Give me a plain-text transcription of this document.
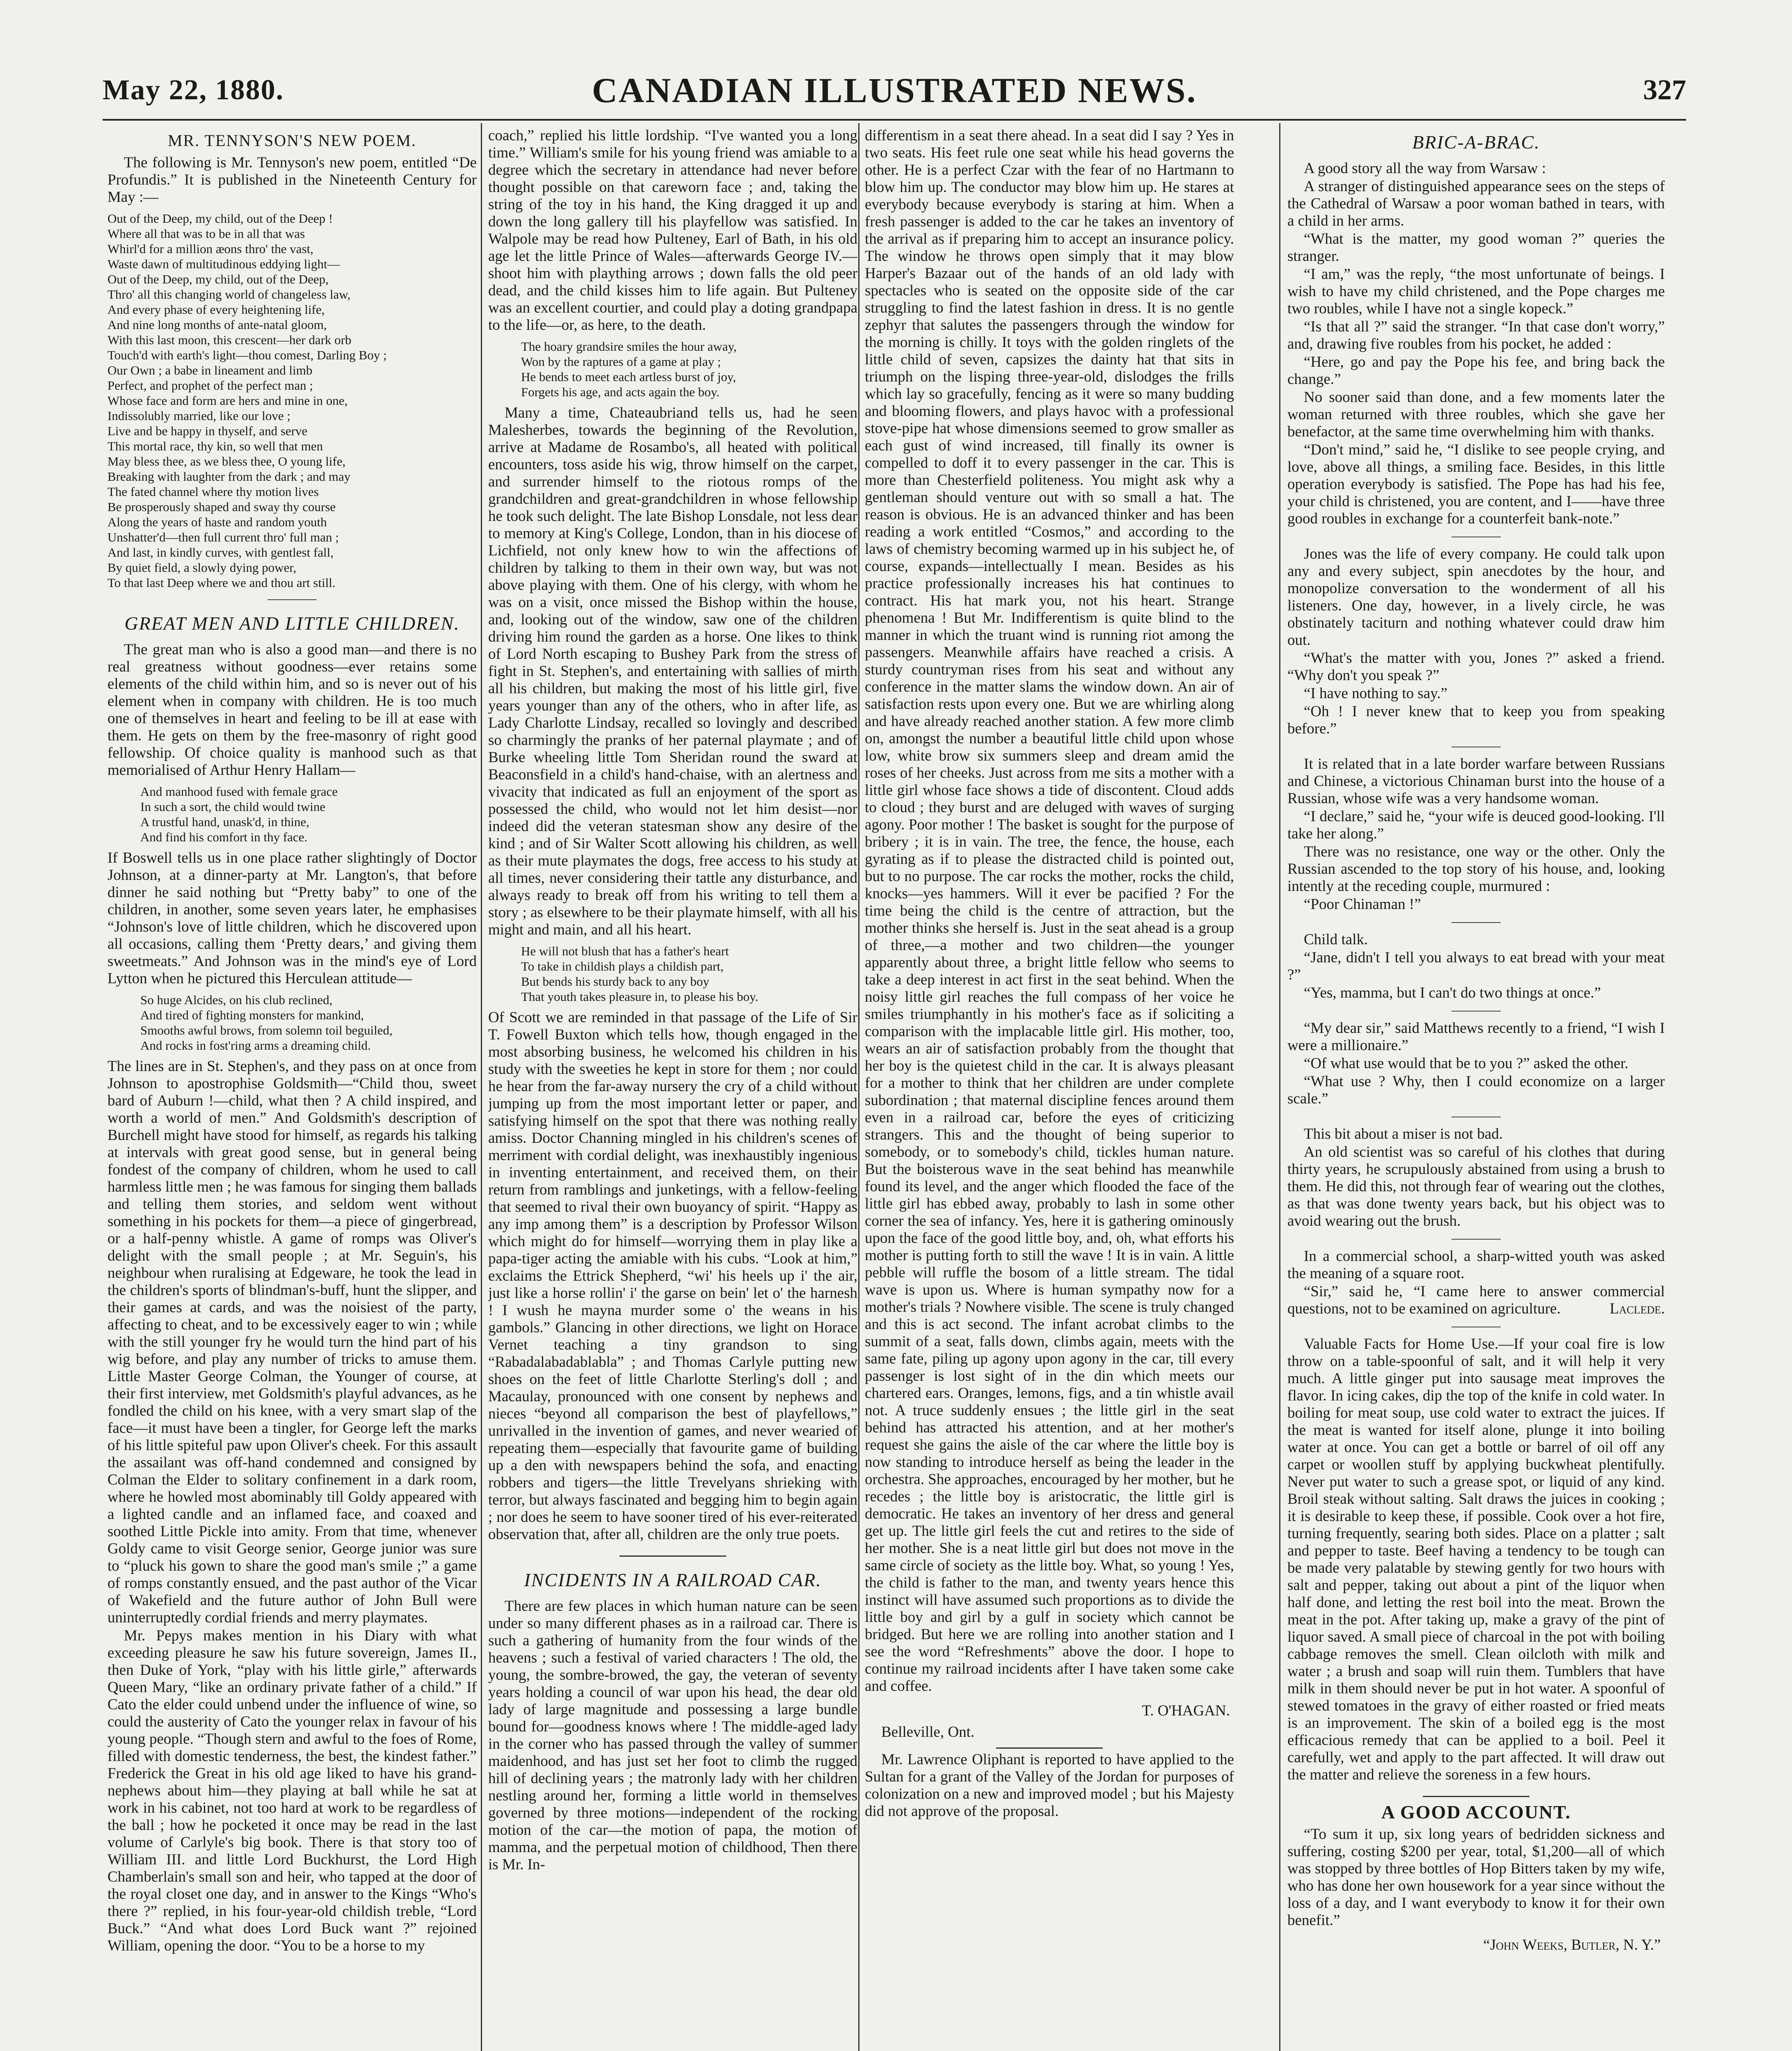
May 22, 1880.	CANADIAN ILLUSTRATED NEWS.	327
MR. TENNYSON'S NEW POEM.

The following is Mr. Tennyson's new poem, entitled “De Profundis.” It is published in the Nineteenth Century for May :—

Out of the Deep, my child, out of the Deep !
Where all that was to be in all that was
Whirl'd for a million æons thro' the vast,
Waste dawn of multitudinous eddying light—
Out of the Deep, my child, out of the Deep,
Thro' all this changing world of changeless law,
And every phase of every heightening life,
And nine long months of ante-natal gloom,
With this last moon, this crescent—her dark orb
Touch'd with earth's light—thou comest, Darling Boy ;
Our Own ; a babe in lineament and limb
Perfect, and prophet of the perfect man ;
Whose face and form are hers and mine in one,
Indissolubly married, like our love ;
Live and be happy in thyself, and serve
This mortal race, thy kin, so well that men
May bless thee, as we bless thee, O young life,
Breaking with laughter from the dark ; and may
The fated channel where thy motion lives
Be prosperously shaped and sway thy course
Along the years of haste and random youth
Unshatter'd—then full current thro' full man ;
And last, in kindly curves, with gentlest fall,
By quiet field, a slowly dying power,
To that last Deep where we and thou art still.
GREAT MEN AND LITTLE CHILDREN.

The great man who is also a good man—and there is no real greatness without goodness—ever retains some elements of the child within him, and so is never out of his element when in company with children. He is too much one of themselves in heart and feeling to be ill at ease with them. He gets on them by the free-masonry of right good fellowship. Of choice quality is manhood such as that memorialised of Arthur Henry Hallam—

And manhood fused with female grace
In such a sort, the child would twine
A trustful hand, unask'd, in thine,
And find his comfort in thy face.

If Boswell tells us in one place rather slightingly of Doctor Johnson, at a dinner-party at Mr. Langton's, that before dinner he said nothing but “Pretty baby” to one of the children, in another, some seven years later, he emphasises “Johnson's love of little children, which he discovered upon all occasions, calling them ‘Pretty dears,’ and giving them sweetmeats.” And Johnson was in the mind's eye of Lord Lytton when he pictured this Herculean attitude—

So huge Alcides, on his club reclined,
And tired of fighting monsters for mankind,
Smooths awful brows, from solemn toil beguiled,
And rocks in fost'ring arms a dreaming child.

The lines are in St. Stephen's, and they pass on at once from Johnson to apostrophise Goldsmith—“Child thou, sweet bard of Auburn !—child, what then ? A child inspired, and worth a world of men.” And Goldsmith's description of Burchell might have stood for himself, as regards his talking at intervals with great good sense, but in general being fondest of the company of children, whom he used to call harmless little men ; he was famous for singing them ballads and telling them stories, and seldom went without something in his pockets for them—a piece of gingerbread, or a half-penny whistle. A game of romps was Oliver's delight with the small people ; at Mr. Seguin's, his neighbour when ruralising at Edgeware, he took the lead in the children's sports of blindman's-buff, hunt the slipper, and their games at cards, and was the noisiest of the party, affecting to cheat, and to be excessively eager to win ; while with the still younger fry he would turn the hind part of his wig before, and play any number of tricks to amuse them. Little Master George Colman, the Younger of course, at their first interview, met Goldsmith's playful advances, as he fondled the child on his knee, with a very smart slap of the face—it must have been a tingler, for George left the marks of his little spiteful paw upon Oliver's cheek. For this assault the assailant was off-hand condemned and consigned by Colman the Elder to solitary confinement in a dark room, where he howled most abominably till Goldy appeared with a lighted candle and an inflamed face, and coaxed and soothed Little Pickle into amity. From that time, whenever Goldy came to visit George senior, George junior was sure to “pluck his gown to share the good man's smile ;” a game of romps constantly ensued, and the past author of the Vicar of Wakefield and the future author of John Bull were uninterruptedly cordial friends and merry playmates.

Mr. Pepys makes mention in his Diary with what exceeding pleasure he saw his future sovereign, James II., then Duke of York, “play with his little girle,” afterwards Queen Mary, “like an ordinary private father of a child.” If Cato the elder could unbend under the influence of wine, so could the austerity of Cato the younger relax in favour of his young people. “Though stern and awful to the foes of Rome, filled with domestic tenderness, the best, the kindest father.” Frederick the Great in his old age liked to have his grand-nephews about him—they playing at ball while he sat at work in his cabinet, not too hard at work to be regardless of the ball ; how he pocketed it once may be read in the last volume of Carlyle's big book. There is that story too of William III. and little Lord Buckhurst, the Lord High Chamberlain's small son and heir, who tapped at the door of the royal closet one day, and in answer to the Kings “Who's there ?” replied, in his four-year-old childish treble, “Lord Buck.” “And what does Lord Buck want ?” rejoined William, opening the door. “You to be a horse to my

coach,” replied his little lordship. “I've wanted you a long time.” William's smile for his young friend was amiable to a degree which the secretary in attendance had never before thought possible on that careworn face ; and, taking the string of the toy in his hand, the King dragged it up and down the long gallery till his playfellow was satisfied. In Walpole may be read how Pulteney, Earl of Bath, in his old age let the little Prince of Wales—afterwards George IV.—shoot him with plaything arrows ; down falls the old peer dead, and the child kisses him to life again. But Pulteney was an excellent courtier, and could play a doting grandpapa to the life—or, as here, to the death.

The hoary grandsire smiles the hour away,
Won by the raptures of a game at play ;
He bends to meet each artless burst of joy,
Forgets his age, and acts again the boy.

Many a time, Chateaubriand tells us, had he seen Malesherbes, towards the beginning of the Revolution, arrive at Madame de Rosambo's, all heated with political encounters, toss aside his wig, throw himself on the carpet, and surrender himself to the riotous romps of the grandchildren and great-grandchildren in whose fellowship he took such delight. The late Bishop Lonsdale, not less dear to memory at King's College, London, than in his diocese of Lichfield, not only knew how to win the affections of children by talking to them in their own way, but was not above playing with them. One of his clergy, with whom he was on a visit, once missed the Bishop within the house, and, looking out of the window, saw one of the children driving him round the garden as a horse. One likes to think of Lord North escaping to Bushey Park from the stress of fight in St. Stephen's, and entertaining with sallies of mirth all his children, but making the most of his little girl, five years younger than any of the others, who in after life, as Lady Charlotte Lindsay, recalled so lovingly and described so charmingly the pranks of her paternal playmate ; and of Burke wheeling little Tom Sheridan round the sward at Beaconsfield in a child's hand-chaise, with an alertness and vivacity that indicated as full an enjoyment of the sport as possessed the child, who would not let him desist—nor indeed did the veteran statesman show any desire of the kind ; and of Sir Walter Scott allowing his children, as well as their mute playmates the dogs, free access to his study at all times, never considering their tattle any disturbance, and always ready to break off from his writing to tell them a story ; as elsewhere to be their playmate himself, with all his might and main, and all his heart.

He will not blush that has a father's heart
To take in childish plays a childish part,
But bends his sturdy back to any boy
That youth takes pleasure in, to please his boy.

Of Scott we are reminded in that passage of the Life of Sir T. Fowell Buxton which tells how, though engaged in the most absorbing business, he welcomed his children in his study with the sweeties he kept in store for them ; nor could he hear from the far-away nursery the cry of a child without jumping up from the most important letter or paper, and satisfying himself on the spot that there was nothing really amiss. Doctor Channing mingled in his children's scenes of merriment with cordial delight, was inexhaustibly ingenious in inventing entertainment, and received them, on their return from ramblings and junketings, with a fellow-feeling that seemed to rival their own buoyancy of spirit. “Happy as any imp among them” is a description by Professor Wilson which might do for himself—worrying them in play like a papa-tiger acting the amiable with his cubs. “Look at him,” exclaims the Ettrick Shepherd, “wi' his heels up i' the air, just like a horse rollin' i' the garse on bein' let o' the harnesh ! I wush he mayna murder some o' the weans in his gambols.” Glancing in other directions, we light on Horace Vernet teaching a tiny grandson to sing “Rabadalabadablabla” ; and Thomas Carlyle putting new shoes on the feet of little Charlotte Sterling's doll ; and Macaulay, pronounced with one consent by nephews and nieces “beyond all comparison the best of playfellows,” unrivalled in the invention of games, and never wearied of repeating them—especially that favourite game of building up a den with newspapers behind the sofa, and enacting robbers and tigers—the little Trevelyans shrieking with terror, but always fascinated and begging him to begin again ; nor does he seem to have sooner tired of his ever-reiterated observation that, after all, children are the only true poets.

INCIDENTS IN A RAILROAD CAR.

There are few places in which human nature can be seen under so many different phases as in a railroad car. There is such a gathering of humanity from the four winds of the heavens ; such a festival of varied characters ! The old, the young, the sombre-browed, the gay, the veteran of seventy years holding a council of war upon his head, the dear old lady of large magnitude and possessing a large bundle bound for—goodness knows where ! The middle-aged lady in the corner who has passed through the valley of summer maidenhood, and has just set her foot to climb the rugged hill of declining years ; the matronly lady with her children nestling around her, forming a little world in themselves governed by three motions—independent of the rocking motion of the car—the motion of papa, the motion of mamma, and the perpetual motion of childhood, Then there is Mr. In-

differentism in a seat there ahead. In a seat did I say ? Yes in two seats. His feet rule one seat while his head governs the other. He is a perfect Czar with the fear of no Hartmann to blow him up. The conductor may blow him up. He stares at everybody because everybody is staring at him. When a fresh passenger is added to the car he takes an inventory of the arrival as if preparing him to accept an insurance policy. The window he throws open simply that it may blow Harper's Bazaar out of the hands of an old lady with spectacles who is seated on the opposite side of the car struggling to find the latest fashion in dress. It is no gentle zephyr that salutes the passengers through the window for the morning is chilly. It toys with the golden ringlets of the little child of seven, capsizes the dainty hat that sits in triumph on the lisping three-year-old, dislodges the frills which lay so gracefully, fencing as it were so many budding and blooming flowers, and plays havoc with a professional stove-pipe hat whose dimensions seemed to grow smaller as each gust of wind increased, till finally its owner is compelled to doff it to every passenger in the car. This is more than Chesterfield politeness. You might ask why a gentleman should venture out with so small a hat. The reason is obvious. He is an advanced thinker and has been reading a work entitled “Cosmos,” and according to the laws of chemistry becoming warmed up in his subject he, of course, expands—intellectually I mean. Besides as his practice professionally increases his hat continues to contract. His hat mark you, not his heart. Strange phenomena ! But Mr. Indifferentism is quite blind to the manner in which the truant wind is running riot among the passengers. Meanwhile affairs have reached a crisis. A sturdy countryman rises from his seat and without any conference in the matter slams the window down. An air of satisfaction rests upon every one. But we are whirling along and have already reached another station. A few more climb on, amongst the number a beautiful little child upon whose low, white brow six summers sleep and dream amid the roses of her cheeks. Just across from me sits a mother with a little girl whose face shows a tide of discontent. Cloud adds to cloud ; they burst and are deluged with waves of surging agony. Poor mother ! The basket is sought for the purpose of bribery ; it is in vain. The tree, the fence, the house, each gyrating as if to please the distracted child is pointed out, but to no purpose. The car rocks the mother, rocks the child, knocks—yes hammers. Will it ever be pacified ? For the time being the child is the centre of attraction, but the mother thinks she herself is. Just in the seat ahead is a group of three,—a mother and two children—the younger apparently about three, a bright little fellow who seems to take a deep interest in act first in the seat behind. When the noisy little girl reaches the full compass of her voice he smiles triumphantly in his mother's face as if soliciting a comparison with the implacable little girl. His mother, too, wears an air of satisfaction probably from the thought that her boy is the quietest child in the car. It is always pleasant for a mother to think that her children are under complete subordination ; that maternal discipline fences around them even in a railroad car, before the eyes of criticizing strangers. This and the thought of being superior to somebody, or to somebody's child, tickles human nature. But the boisterous wave in the seat behind has meanwhile found its level, and the anger which flooded the face of the little girl has ebbed away, probably to lash in some other corner the sea of infancy. Yes, here it is gathering ominously upon the face of the good little boy, and, oh, what efforts his mother is putting forth to still the wave ! It is in vain. A little pebble will ruffle the bosom of a little stream. The tidal wave is upon us. Where is human sympathy now for a mother's trials ? Nowhere visible. The scene is truly changed and this is act second. The infant acrobat climbs to the summit of a seat, falls down, climbs again, meets with the same fate, piling up agony upon agony in the car, till every passenger is lost sight of in the din which meets our chartered ears. Oranges, lemons, figs, and a tin whistle avail not. A truce suddenly ensues ; the little girl in the seat behind has attracted his attention, and at her mother's request she gains the aisle of the car where the little boy is now standing to introduce herself as being the leader in the orchestra. She approaches, encouraged by her mother, but he recedes ; the little boy is aristocratic, the little girl is democratic. He takes an inventory of her dress and general get up. The little girl feels the cut and retires to the side of her mother. She is a neat little girl but does not move in the same circle of society as the little boy. What, so young ! Yes, the child is father to the man, and twenty years hence this instinct will have assumed such proportions as to divide the little boy and girl by a gulf in society which cannot be bridged. But here we are rolling into another station and I see the word “Refreshments” above the door. I hope to continue my railroad incidents after I have taken some cake and coffee.

T. O'HAGAN.
Belleville, Ont.

Mr. Lawrence Oliphant is reported to have applied to the Sultan for a grant of the Valley of the Jordan for purposes of colonization on a new and improved model ; but his Majesty did not approve of the proposal.

BRIC-A-BRAC.

A good story all the way from Warsaw :

A stranger of distinguished appearance sees on the steps of the Cathedral of Warsaw a poor woman bathed in tears, with a child in her arms.

“What is the matter, my good woman ?” queries the stranger.

“I am,” was the reply, “the most unfortunate of beings. I wish to have my child christened, and the Pope charges me two roubles, while I have not a single kopeck.”

“Is that all ?” said the stranger. “In that case don't worry,” and, drawing five roubles from his pocket, he added :

“Here, go and pay the Pope his fee, and bring back the change.”

No sooner said than done, and a few moments later the woman returned with three roubles, which she gave her benefactor, at the same time overwhelming him with thanks.

“Don't mind,” said he, “I dislike to see people crying, and love, above all things, a smiling face. Besides, in this little operation everybody is satisfied. The Pope has had his fee, your child is christened, you are content, and I——have three good roubles in exchange for a counterfeit bank-note.”

Jones was the life of every company. He could talk upon any and every subject, spin anecdotes by the hour, and monopolize conversation to the wonderment of all his listeners. One day, however, in a lively circle, he was obstinately taciturn and nothing whatever could draw him out.

“What's the matter with you, Jones ?” asked a friend. “Why don't you speak ?”

“I have nothing to say.”

“Oh ! I never knew that to keep you from speaking before.”

It is related that in a late border warfare between Russians and Chinese, a victorious Chinaman burst into the house of a Russian, whose wife was a very handsome woman.

“I declare,” said he, “your wife is deuced good-looking. I'll take her along.”

There was no resistance, one way or the other. Only the Russian ascended to the top story of his house, and, looking intently at the receding couple, murmured :

“Poor Chinaman !”

Child talk.

“Jane, didn't I tell you always to eat bread with your meat ?”

“Yes, mamma, but I can't do two things at once.”

“My dear sir,” said Matthews recently to a friend, “I wish I were a millionaire.”

“Of what use would that be to you ?” asked the other.

“What use ? Why, then I could economize on a larger scale.”

This bit about a miser is not bad.

An old scientist was so careful of his clothes that during thirty years, he scrupulously abstained from using a brush to them. He did this, not through fear of wearing out the clothes, as that was done twenty years back, but his object was to avoid wearing out the brush.

In a commercial school, a sharp-witted youth was asked the meaning of a square root.

“Sir,” said he, “I came here to answer commercial questions, not to be examined on agriculture.	Laclede.

Valuable Facts for Home Use.—If your coal fire is low throw on a table-spoonful of salt, and it will help it very much. A little ginger put into sausage meat improves the flavor. In icing cakes, dip the top of the knife in cold water. In boiling for meat soup, use cold water to extract the juices. If the meat is wanted for itself alone, plunge it into boiling water at once. You can get a bottle or barrel of oil off any carpet or woollen stuff by applying buckwheat plentifully. Never put water to such a grease spot, or liquid of any kind. Broil steak without salting. Salt draws the juices in cooking ; it is desirable to keep these, if possible. Cook over a hot fire, turning frequently, searing both sides. Place on a platter ; salt and pepper to taste. Beef having a tendency to be tough can be made very palatable by stewing gently for two hours with salt and pepper, taking out about a pint of the liquor when half done, and letting the rest boil into the meat. Brown the meat in the pot. After taking up, make a gravy of the pint of liquor saved. A small piece of charcoal in the pot with boiling cabbage removes the smell. Clean oilcloth with milk and water ; a brush and soap will ruin them. Tumblers that have milk in them should never be put in hot water. A spoonful of stewed tomatoes in the gravy of either roasted or fried meats is an improvement. The skin of a boiled egg is the most efficacious remedy that can be applied to a boil. Peel it carefully, wet and apply to the part affected. It will draw out the matter and relieve the soreness in a few hours.

A GOOD ACCOUNT.

“To sum it up, six long years of bedridden sickness and suffering, costing $200 per year, total, $1,200—all of which was stopped by three bottles of Hop Bitters taken by my wife, who has done her own housework for a year since without the loss of a day, and I want everybody to know it for their own benefit.”

“John Weeks, Butler, N. Y.”
